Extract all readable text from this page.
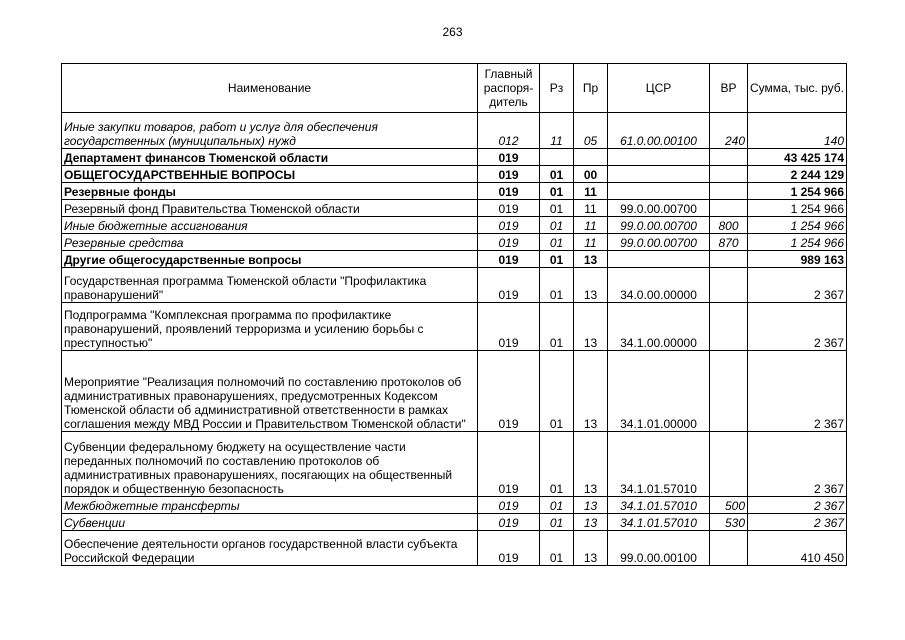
263
Наименование	Главный распоря-дитель	Рз	Пр	ЦСР	ВР	Сумма, тыс. руб.
Иные закупки товаров, работ и услуг для обеспечения государственных (муниципальных) нужд	012	11	05	61.0.00.00100	240	140
Департамент финансов Тюменской области	019					43 425 174
ОБЩЕГОСУДАРСТВЕННЫЕ ВОПРОСЫ	019	01	00			2 244 129
Резервные фонды	019	01	11			1 254 966
Резервный фонд Правительства Тюменской области	019	01	11	99.0.00.00700		1 254 966
Иные бюджетные ассигнования	019	01	11	99.0.00.00700	800	1 254 966
Резервные средства	019	01	11	99.0.00.00700	870	1 254 966
Другие общегосударственные вопросы	019	01	13			989 163
Государственная программа Тюменской области "Профилактика правонарушений"	019	01	13	34.0.00.00000		2 367
Подпрограмма "Комплексная программа по профилактике правонарушений, проявлений терроризма и усилению борьбы с преступностью"	019	01	13	34.1.00.00000		2 367
Мероприятие "Реализация полномочий по составлению протоколов об административных правонарушениях, предусмотренных Кодексом Тюменской области об административной ответственности в рамках соглашения между МВД России и Правительством Тюменской области"	019	01	13	34.1.01.00000		2 367
Субвенции федеральному бюджету на осуществление части переданных полномочий по составлению протоколов об административных правонарушениях, посягающих на общественный порядок и общественную безопасность	019	01	13	34.1.01.57010		2 367
Межбюджетные трансферты	019	01	13	34.1.01.57010	500	2 367
Субвенции	019	01	13	34.1.01.57010	530	2 367
Обеспечение деятельности органов государственной власти субъекта Российской Федерации	019	01	13	99.0.00.00100		410 450
